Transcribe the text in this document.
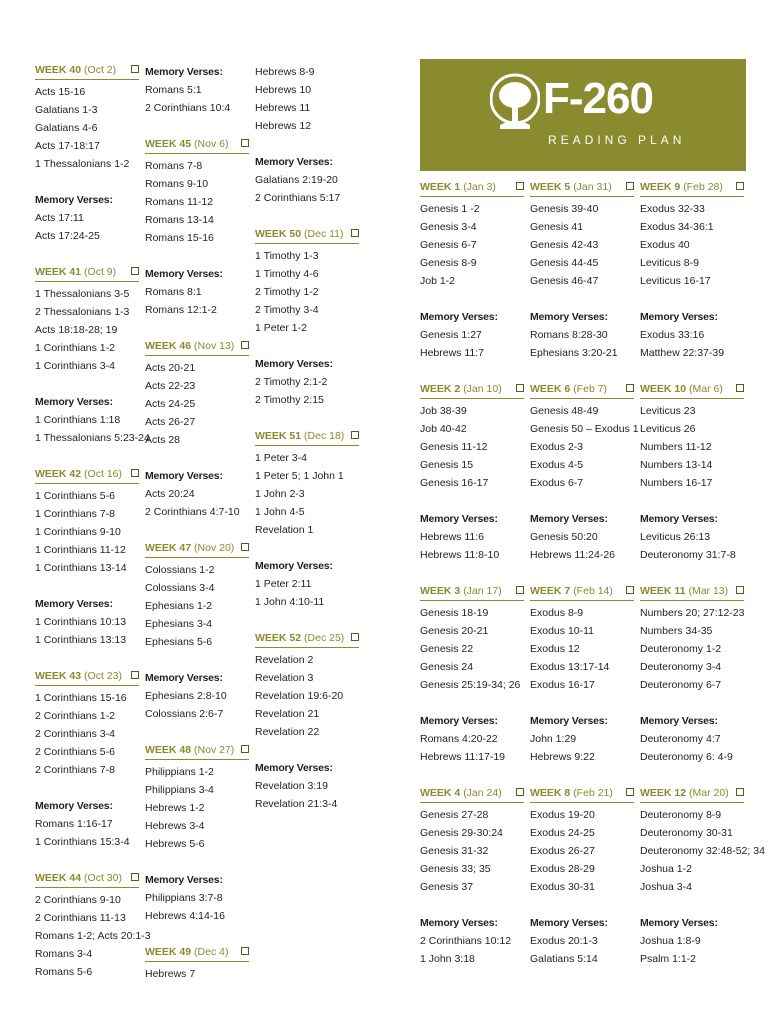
F-260
READING PLAN
WEEK 40 (Oct 2)
Acts 15-16
Galatians 1-3
Galatians 4-6
Acts 17-18:17
1 Thessalonians 1-2
Memory Verses:
Acts 17:11
Acts 17:24-25
WEEK 41 (Oct 9)
1 Thessalonians 3-5
2 Thessalonians 1-3
Acts 18:18-28; 19
1 Corinthians 1-2
1 Corinthians 3-4
Memory Verses:
1 Corinthians 1:18
1 Thessalonians 5:23-24
WEEK 42 (Oct 16)
1 Corinthians 5-6
1 Corinthians 7-8
1 Corinthians 9-10
1 Corinthians 11-12
1 Corinthians 13-14
Memory Verses:
1 Corinthians 10:13
1 Corinthians 13:13
WEEK 43 (Oct 23)
1 Corinthians 15-16
2 Corinthians 1-2
2 Corinthians 3-4
2 Corinthians 5-6
2 Corinthians 7-8
Memory Verses:
Romans 1:16-17
1 Corinthians 15:3-4
WEEK 44 (Oct 30)
2 Corinthians 9-10
2 Corinthians 11-13
Romans 1-2; Acts 20:1-3
Romans 3-4
Romans 5-6
Memory Verses:
Romans 5:1
2 Corinthians 10:4
WEEK 45 (Nov 6)
Romans 7-8
Romans 9-10
Romans 11-12
Romans 13-14
Romans 15-16
Memory Verses:
Romans 8:1
Romans 12:1-2
WEEK 46 (Nov 13)
Acts 20-21
Acts 22-23
Acts 24-25
Acts 26-27
Acts 28
Memory Verses:
Acts 20:24
2 Corinthians 4:7-10
WEEK 47 (Nov 20)
Colossians 1-2
Colossians 3-4
Ephesians 1-2
Ephesians 3-4
Ephesians 5-6
Memory Verses:
Ephesians 2:8-10
Colossians 2:6-7
WEEK 48 (Nov 27)
Philippians 1-2
Philippians 3-4
Hebrews 1-2
Hebrews 3-4
Hebrews 5-6
Memory Verses:
Philippians 3:7-8
Hebrews 4:14-16
WEEK 49 (Dec 4)
Hebrews 7
Hebrews 8-9
Hebrews 10
Hebrews 11
Hebrews 12
Memory Verses:
Galatians 2:19-20
2 Corinthians 5:17
WEEK 50 (Dec 11)
1 Timothy 1-3
1 Timothy 4-6
2 Timothy 1-2
2 Timothy 3-4
1 Peter 1-2
Memory Verses:
2 Timothy 2:1-2
2 Timothy 2:15
WEEK 51 (Dec 18)
1 Peter 3-4
1 Peter 5; 1 John 1
1 John 2-3
1 John 4-5
Revelation 1
Memory Verses:
1 Peter 2:11
1 John 4:10-11
WEEK 52 (Dec 25)
Revelation 2
Revelation 3
Revelation 19:6-20
Revelation 21
Revelation 22
Memory Verses:
Revelation 3:19
Revelation 21:3-4
WEEK 1 (Jan 3)
Genesis 1 -2
Genesis 3-4
Genesis 6-7
Genesis 8-9
Job 1-2
Memory Verses:
Genesis 1:27
Hebrews 11:7
WEEK 2 (Jan 10)
Job 38-39
Job 40-42
Genesis 11-12
Genesis 15
Genesis 16-17
Memory Verses:
Hebrews 11:6
Hebrews 11:8-10
WEEK 3 (Jan 17)
Genesis 18-19
Genesis 20-21
Genesis 22
Genesis 24
Genesis 25:19-34; 26
Memory Verses:
Romans 4:20-22
Hebrews 11:17-19
WEEK 4 (Jan 24)
Genesis 27-28
Genesis 29-30:24
Genesis 31-32
Genesis 33; 35
Genesis 37
Memory Verses:
2 Corinthians 10:12
1 John 3:18
WEEK 5 (Jan 31)
Genesis 39-40
Genesis 41
Genesis 42-43
Genesis 44-45
Genesis 46-47
Memory Verses:
Romans 8:28-30
Ephesians 3:20-21
WEEK 6 (Feb 7)
Genesis 48-49
Genesis 50 – Exodus 1
Exodus 2-3
Exodus 4-5
Exodus 6-7
Memory Verses:
Genesis 50:20
Hebrews 11:24-26
WEEK 7 (Feb 14)
Exodus 8-9
Exodus 10-11
Exodus 12
Exodus 13:17-14
Exodus 16-17
Memory Verses:
John 1:29
Hebrews 9:22
WEEK 8 (Feb 21)
Exodus 19-20
Exodus 24-25
Exodus 26-27
Exodus 28-29
Exodus 30-31
Memory Verses:
Exodus 20:1-3
Galatians 5:14
WEEK 9 (Feb 28)
Exodus 32-33
Exodus 34-36:1
Exodus 40
Leviticus 8-9
Leviticus 16-17
Memory Verses:
Exodus 33:16
Matthew 22:37-39
WEEK 10 (Mar 6)
Leviticus 23
Leviticus 26
Numbers 11-12
Numbers 13-14
Numbers 16-17
Memory Verses:
Leviticus 26:13
Deuteronomy 31:7-8
WEEK 11 (Mar 13)
Numbers 20; 27:12-23
Numbers 34-35
Deuteronomy 1-2
Deuteronomy 3-4
Deuteronomy 6-7
Memory Verses:
Deuteronomy 4:7
Deuteronomy 6: 4-9
WEEK 12 (Mar 20)
Deuteronomy 8-9
Deuteronomy 30-31
Deuteronomy 32:48-52; 34
Joshua 1-2
Joshua 3-4
Memory Verses:
Joshua 1:8-9
Psalm 1:1-2
